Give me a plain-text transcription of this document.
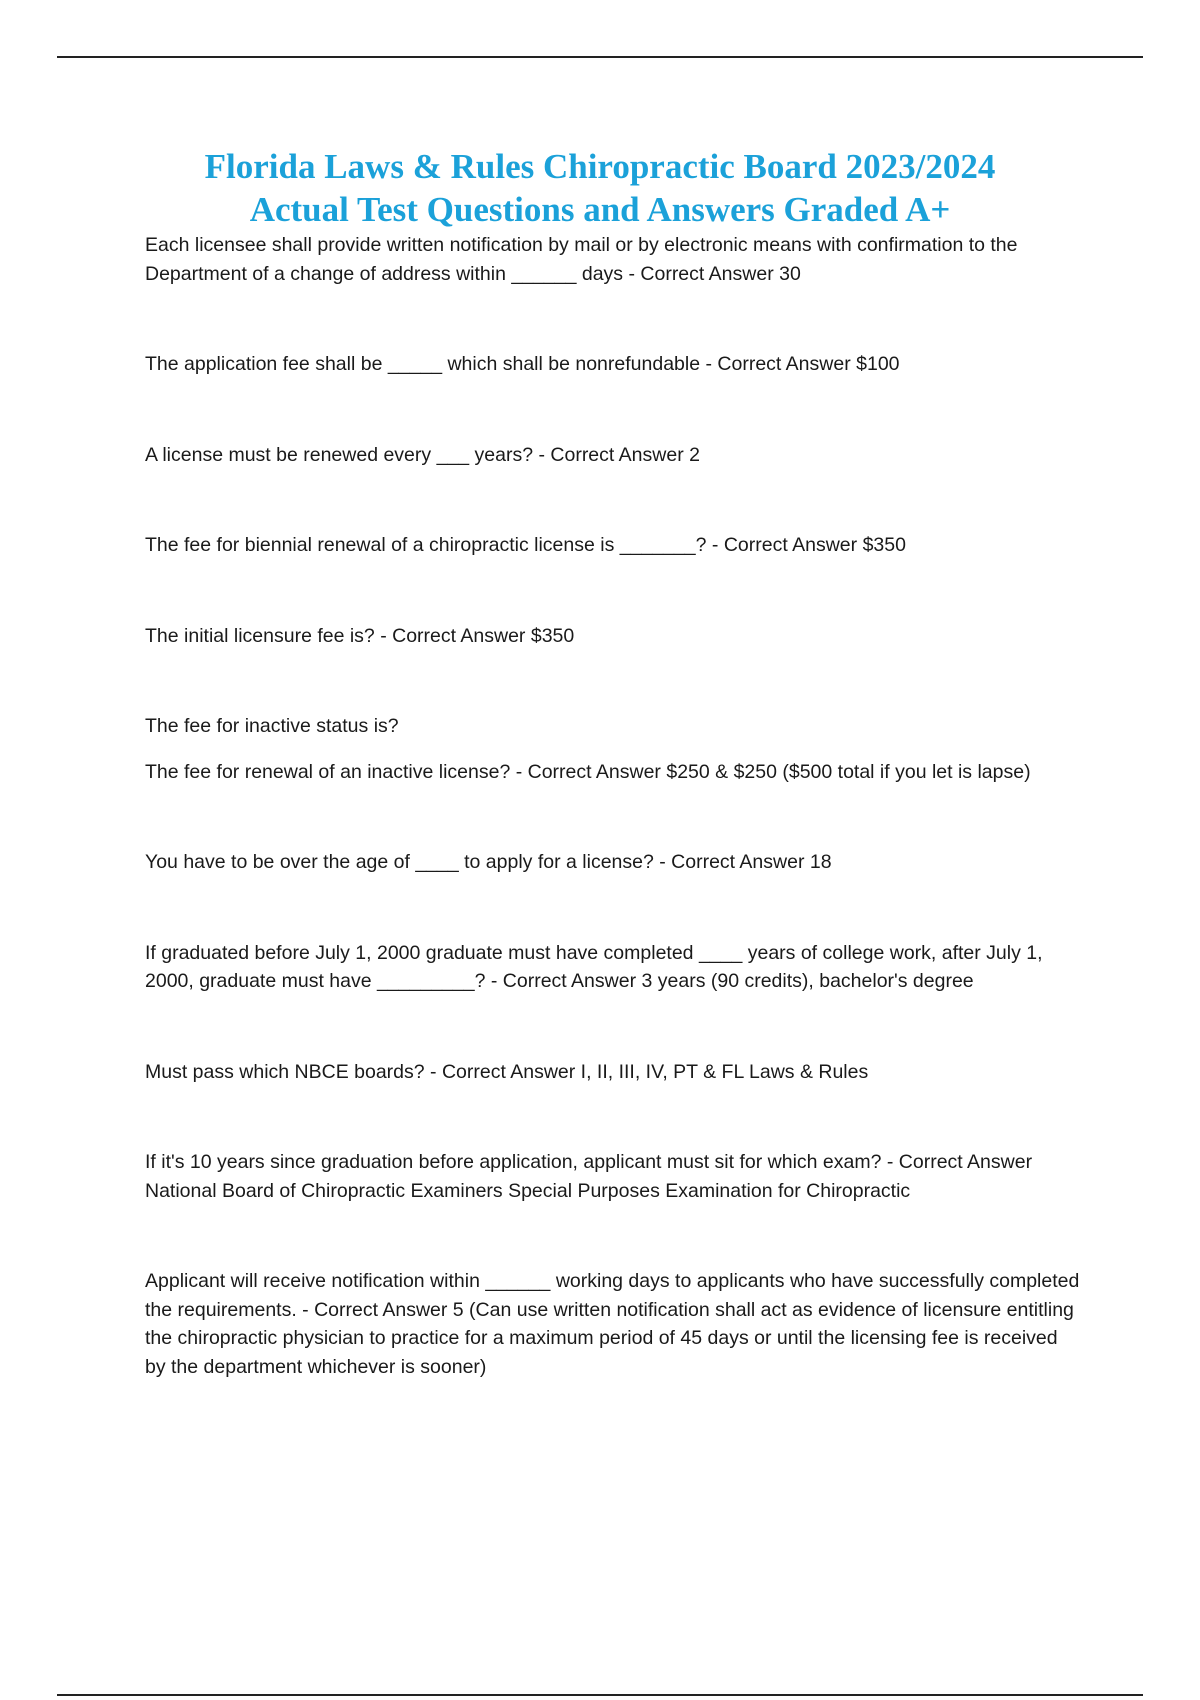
Florida Laws & Rules Chiropractic Board 2023/2024
Actual Test Questions and Answers Graded A+

Each licensee shall provide written notification by mail or by electronic means with confirmation to the Department of a change of address within ______ days - Correct Answer 30

The application fee shall be _____ which shall be nonrefundable - Correct Answer $100

A license must be renewed every ___ years? - Correct Answer 2

The fee for biennial renewal of a chiropractic license is _______? - Correct Answer $350

The initial licensure fee is? - Correct Answer $350

The fee for inactive status is?

The fee for renewal of an inactive license? - Correct Answer $250 & $250 ($500 total if you let is lapse)

You have to be over the age of ____ to apply for a license? - Correct Answer 18

If graduated before July 1, 2000 graduate must have completed ____ years of college work, after July 1, 2000, graduate must have _________? - Correct Answer 3 years (90 credits), bachelor's degree

Must pass which NBCE boards? - Correct Answer I, II, III, IV, PT & FL Laws & Rules

If it's 10 years since graduation before application, applicant must sit for which exam? - Correct Answer National Board of Chiropractic Examiners Special Purposes Examination for Chiropractic

Applicant will receive notification within ______ working days to applicants who have successfully completed the requirements. - Correct Answer 5 (Can use written notification shall act as evidence of licensure entitling the chiropractic physician to practice for a maximum period of 45 days or until the licensing fee is received by the department whichever is sooner)
